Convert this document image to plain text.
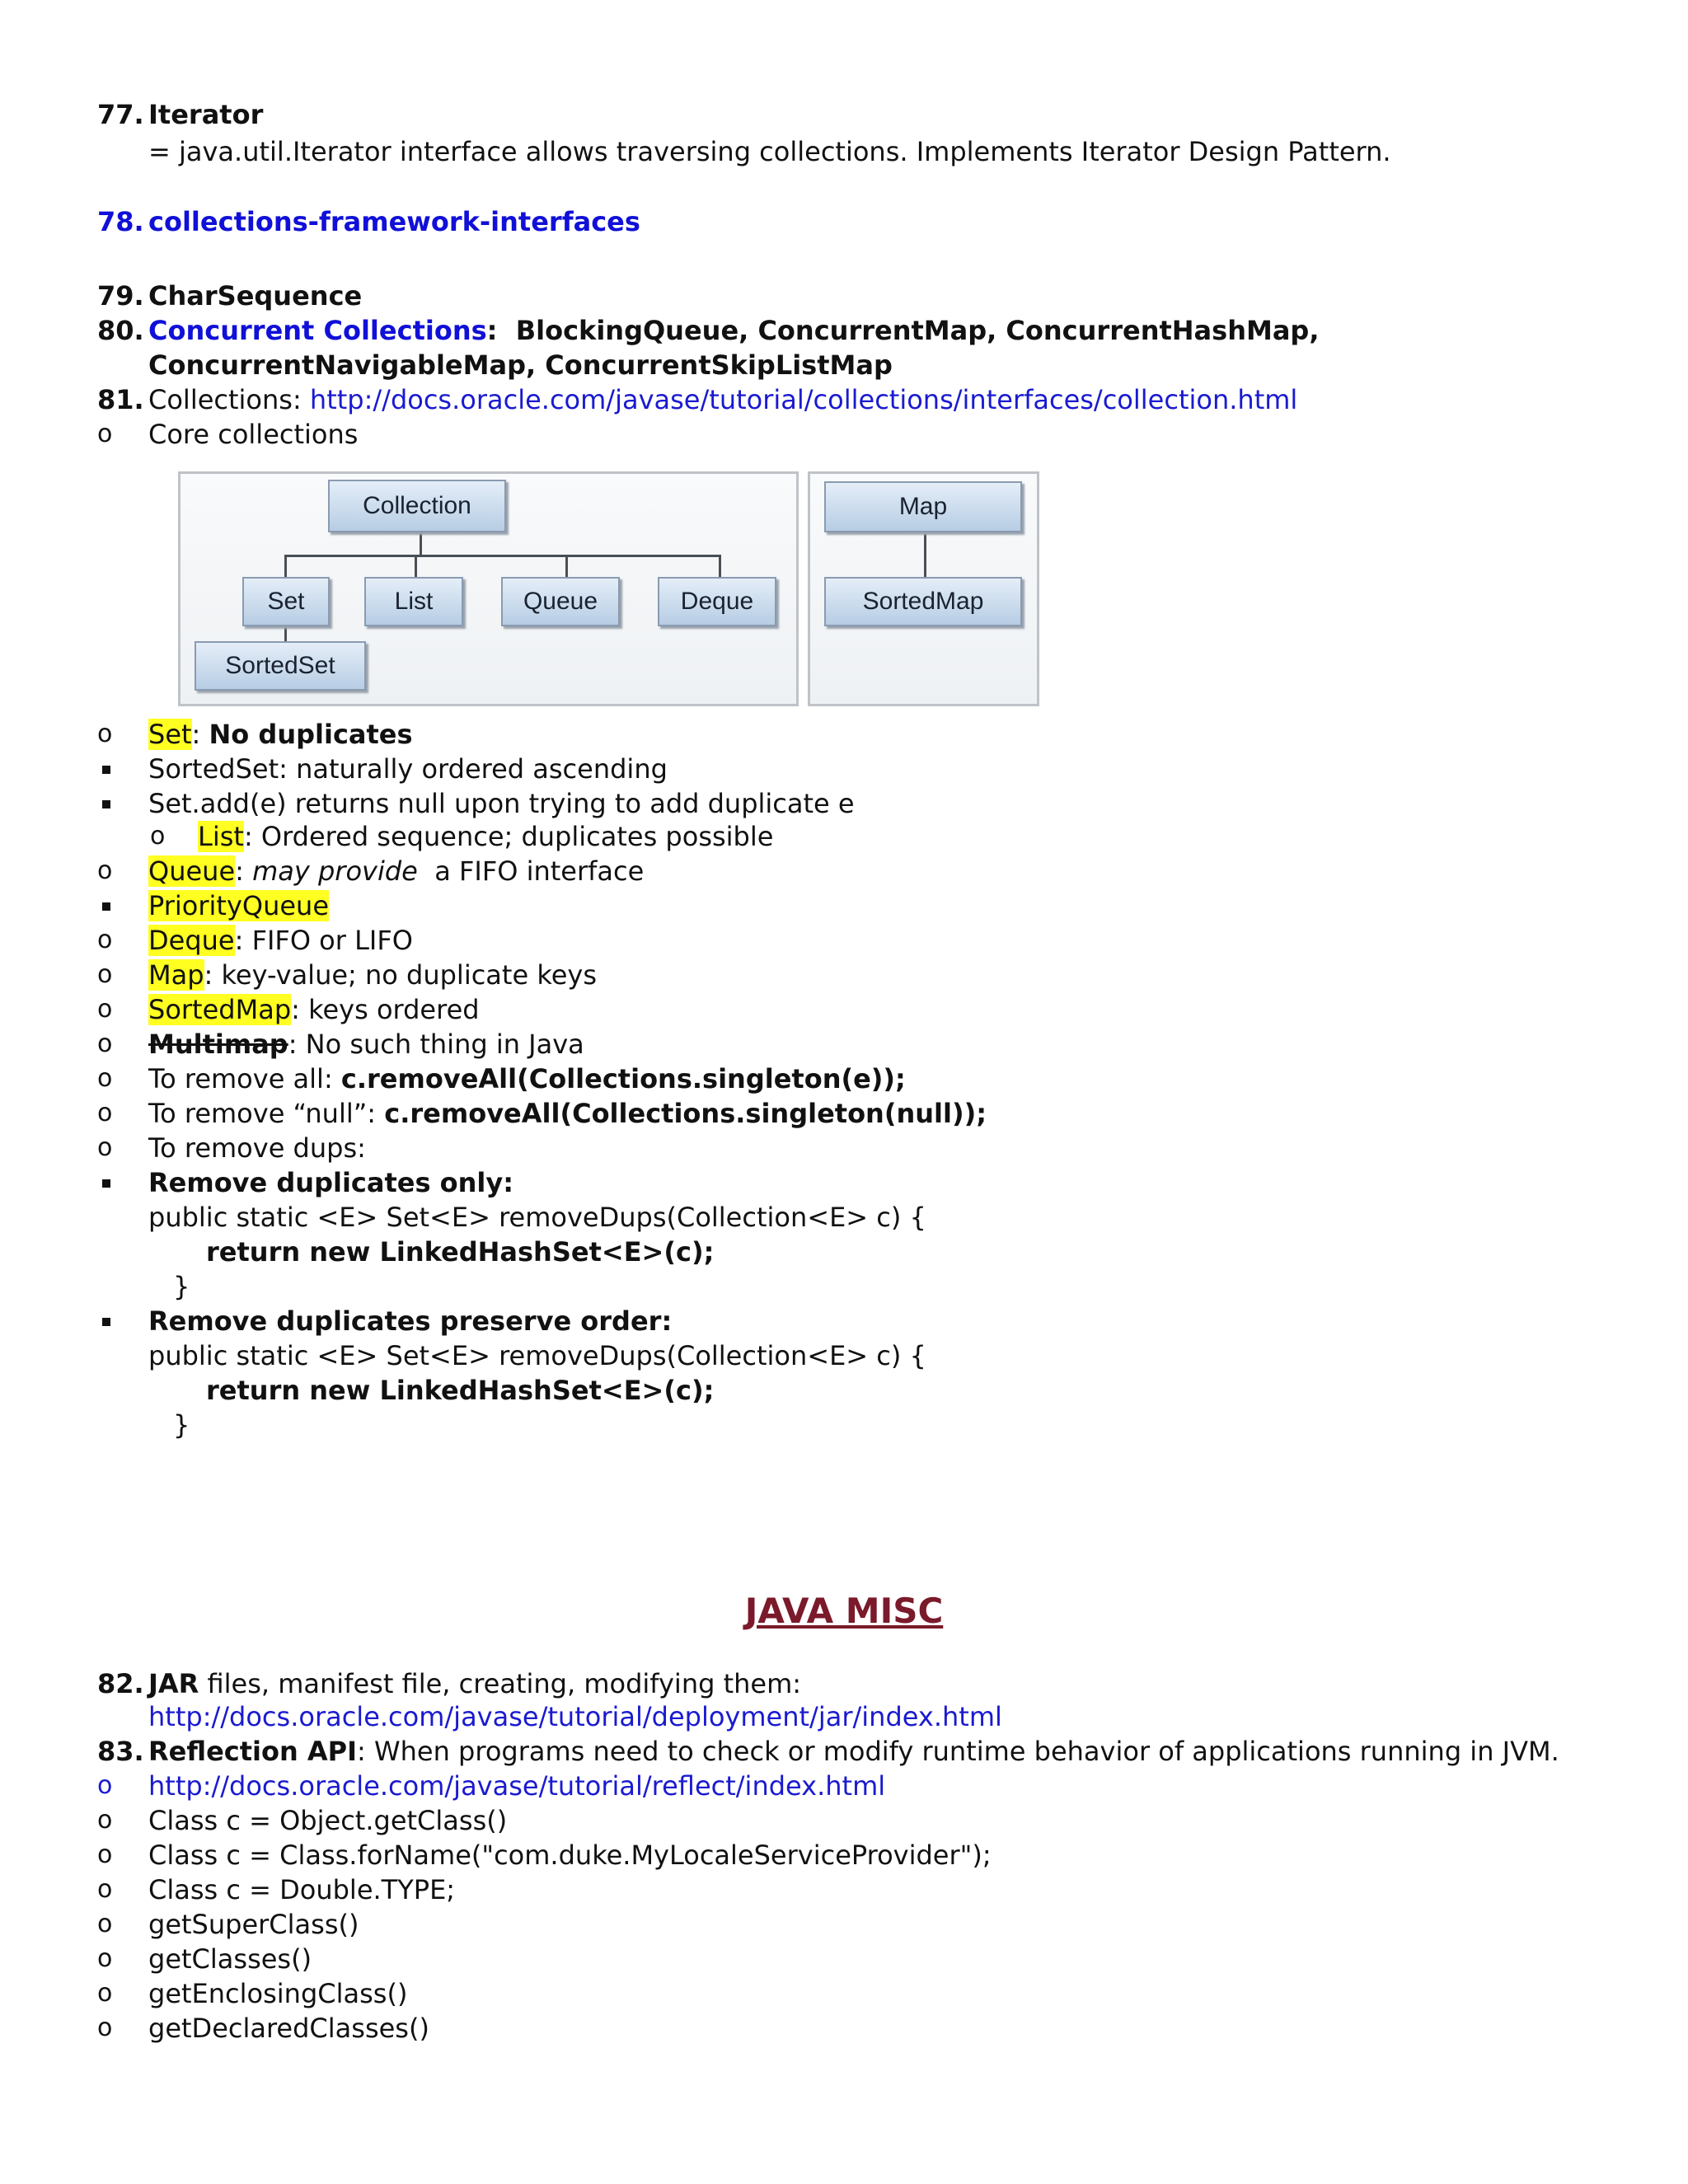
77. Iterator
= java.util.Iterator interface allows traversing collections. Implements Iterator Design Pattern.
78. collections-framework-interfaces
79. CharSequence
80. Concurrent Collections: BlockingQueue, ConcurrentMap, ConcurrentHashMap,
ConcurrentNavigableMap, ConcurrentSkipListMap
81. Collections: http://docs.oracle.com/javase/tutorial/collections/interfaces/collection.html
o Core collections
Collection
Set	List	Queue	Deque
SortedSet
Map
SortedMap
o Set: No duplicates
SortedSet: naturally ordered ascending
Set.add(e) returns null upon trying to add duplicate e
o List: Ordered sequence; duplicates possible
o Queue: may provide a FIFO interface
PriorityQueue
o Deque: FIFO or LIFO
o Map: key-value; no duplicate keys
o SortedMap: keys ordered
o Multimap: No such thing in Java
o To remove all: c.removeAll(Collections.singleton(e));
o To remove “null”: c.removeAll(Collections.singleton(null));
o To remove dups:
Remove duplicates only:
public static <E> Set<E> removeDups(Collection<E> c) {
return new LinkedHashSet<E>(c);
}
Remove duplicates preserve order:
public static <E> Set<E> removeDups(Collection<E> c) {
return new LinkedHashSet<E>(c);
}
JAVA MISC
82. JAR files, manifest file, creating, modifying them:
http://docs.oracle.com/javase/tutorial/deployment/jar/index.html
83. Reflection API: When programs need to check or modify runtime behavior of applications running in JVM.
o http://docs.oracle.com/javase/tutorial/reflect/index.html
o Class c = Object.getClass()
o Class c = Class.forName("com.duke.MyLocaleServiceProvider");
o Class c = Double.TYPE;
o getSuperClass()
o getClasses()
o getEnclosingClass()
o getDeclaredClasses()
